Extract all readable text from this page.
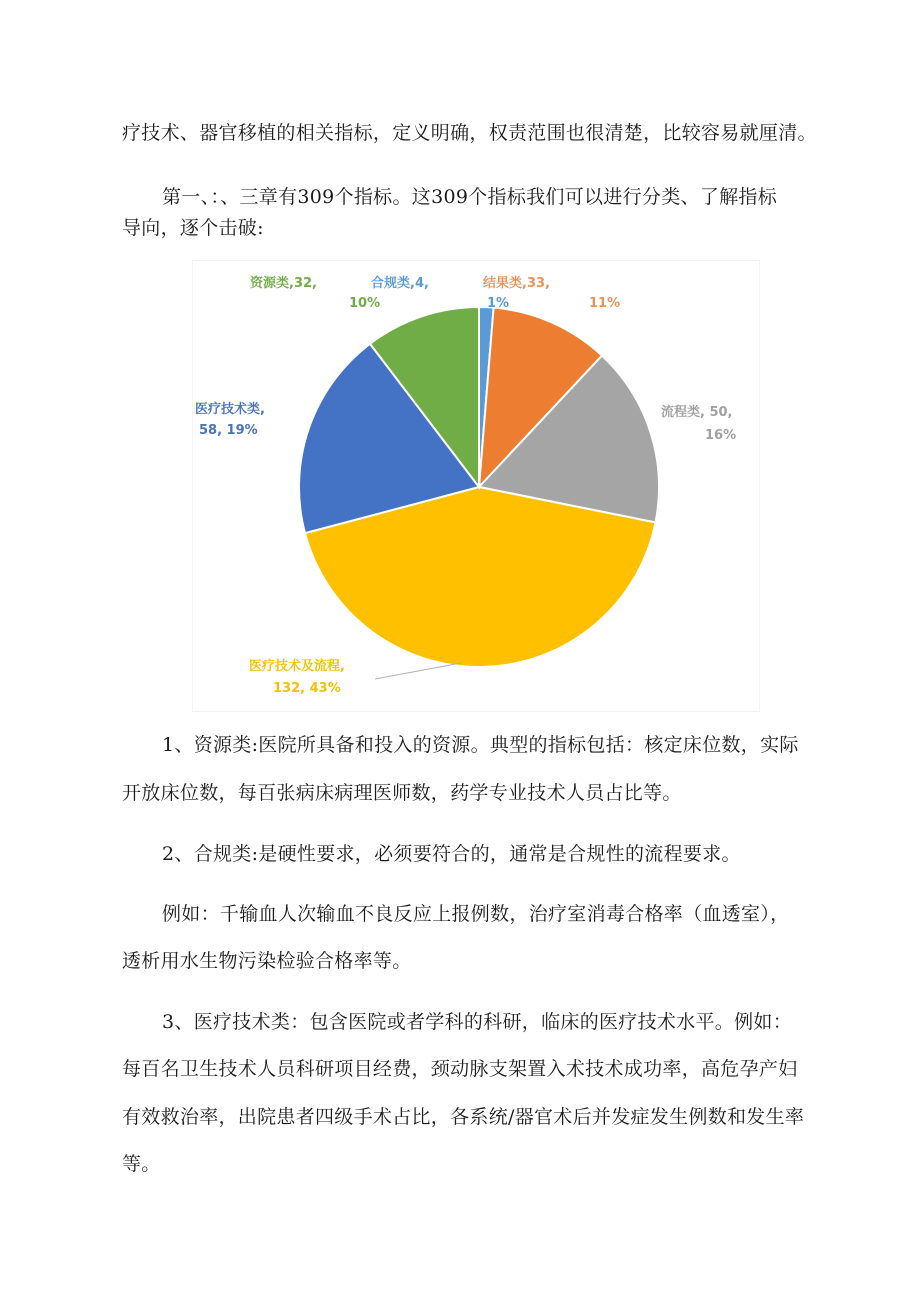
疗技术、器官移植的相关指标，定义明确，权责范围也很清楚，比较容易就厘清。
第一、：、三章有309个指标。这309个指标我们可以进行分类、了解指标
导向，逐个击破:
合规类,4,
1%
结果类,33,
11%
流程类, 50,
16%
医疗技术及流程,
132, 43%
医疗技术类,
58, 19%
资源类,32,
10%
1、资源类:医院所具备和投入的资源。典型的指标包括：核定床位数，实际
开放床位数，每百张病床病理医师数，药学专业技术人员占比等。
2、合规类:是硬性要求，必须要符合的，通常是合规性的流程要求。
例如：千输血人次输血不良反应上报例数，治疗室消毒合格率（血透室），
透析用水生物污染检验合格率等。
3、医疗技术类：包含医院或者学科的科研，临床的医疗技术水平。例如：
每百名卫生技术人员科研项目经费，颈动脉支架置入术技术成功率，高危孕产妇
有效救治率，出院患者四级手术占比，各系统/器官术后并发症发生例数和发生率
等。
